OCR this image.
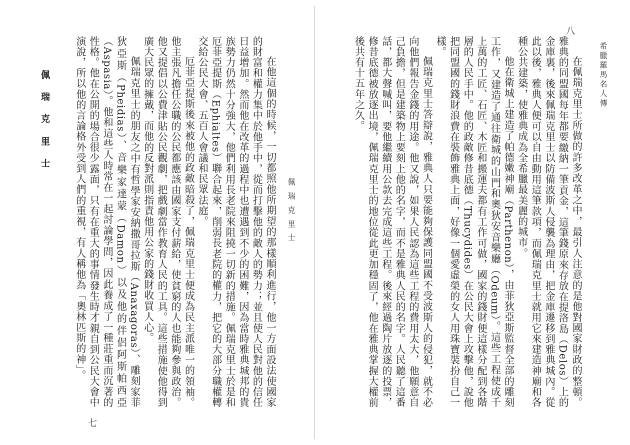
在他這個的時候，一切都照他所期望的那樣順利進行，他一方面設法使國家的財富和權力集中於他手中，從而打擊他的敵人的勢力；並且使人民對他的信任日益增加。然而他在改革的過程中也遭遇到不少的困難，因為當時雅典城邦的貴族勢力仍然十分強大，他們利用長老院來阻撓一切新的措施。佩瑞克里士於是和厄菲亞提斯（Ephialtes）聯合起來，削弱長老院的權力，把它的大部分職權轉交給公民大會、五百人會議和民眾法庭。

厄菲亞提斯後來被他的政敵暗殺了，佩瑞克里士便成為民主派唯一的領袖。他主張凡擔任公職的公民都應該由國家支付薪給，使貧窮的人也能夠參與政治。他又提倡以公費津貼公民觀劇，把戲劇當作教育人民的工具。這些措施使他得到廣大民眾的擁戴，而他的反對派則指責他用公家的錢財收買人心。

佩瑞克里士的朋友之中有哲學家安納撒哥拉斯（Anaxagoras）、雕刻家菲狄亞斯（Pheidias）、音樂家達蒙（Damon）以及他的伴侶阿斯帕西亞（Aspasia）。他和這些人時常在一起討論學問，因此養成了一種莊重而沉著的性格。他在公開的場合很少露面，只有在重大的事情發生時才親自到公民大會中演說，所以他的言論格外受到人們的重視，有人稱他為「奧林匹斯的神」。

佩 瑞 克 里 士
佩 瑞 克 里 士
七

在佩瑞克里士所做的許多改革之中，最引人注意的是他對國家財政的整頓。雅典的同盟國每年都要繳納一筆貢金，這筆錢原來存放在提洛島（Delos）上的金庫裏，後來佩瑞克里士以防備波斯人侵襲為理由，把金庫遷移到雅典城內。從此以後，雅典人便可以自由動用這筆款項，而佩瑞克里士就用它來建造神廟和各種公共建築，使雅典成為全希臘最美麗的城市。

他在衛城上建造了帕德嫩神廟（Parthenon），由菲狄亞斯監督全部的雕刻工作，又建造了通往衛城的山門和奧狄安音樂廳（Odeum）。這些工程使成千上萬的工匠、石匠、木匠和搬運夫都有工作可做，國家的錢財便這樣分配到各階層的人民手中。他的政敵修昔底德（Thucydides）在公民大會上攻擊他，說他把同盟國的錢財浪費在裝飾雅典上面，好像一個愛虛榮的女人用珠寶裝扮自己一樣。

佩瑞克里士答辯說，雅典人只要能夠保護同盟國不受波斯人的侵犯，就不必向他們報告金錢的用途。他又說，如果人民認為這些工程的費用太大，他願意自己負擔，但是建築物上要刻上他的名字，而不是雅典人民的名字。人民聽了這番話，都大聲喊叫，要他繼續用公款去完成這些工程。後來經過陶片放逐的投票，修昔底德被放逐出境，佩瑞克里士的地位從此更加穩固了，他在雅典掌握大權前後共有十五年之久。	希臘羅馬名人傳
八
